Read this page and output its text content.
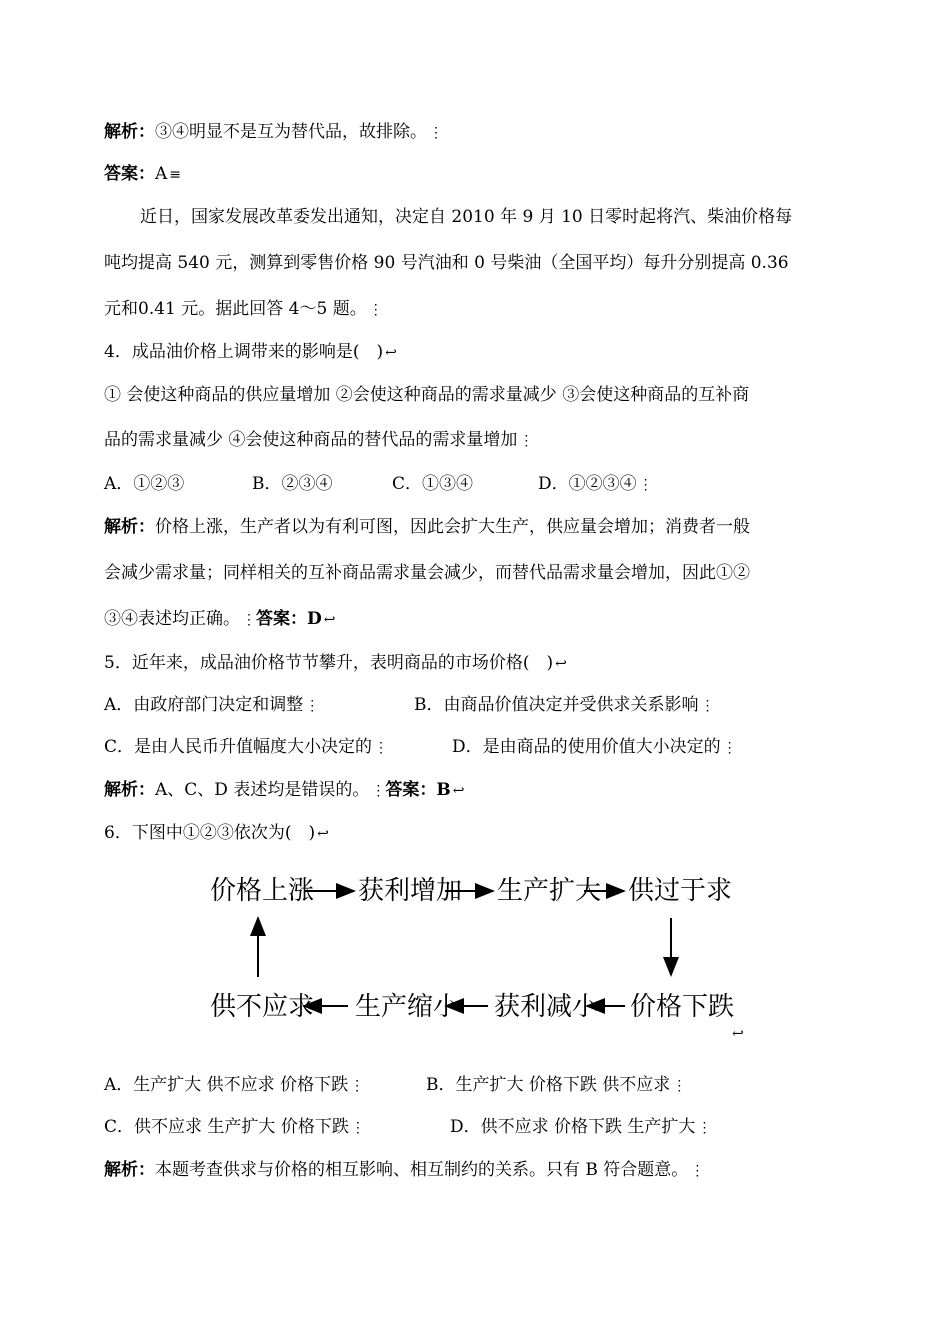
解析：③④明显不是互为替代品，故排除。 ⋮
答案：A ≡
近日，国家发展改革委发出通知，决定自 2010 年 9 月 10 日零时起将汽、柴油价格每
吨均提高 540 元，测算到零售价格 90 号汽油和 0 号柴油（全国平均）每升分别提高 0.36
元和0.41 元。据此回答 4～5 题。 ⋮
4．成品油价格上调带来的影响是(　) ↩
① 会使这种商品的供应量增加 ②会使这种商品的需求量减少 ③会使这种商品的互补商
品的需求量减少 ④会使这种商品的替代品的需求量增加 ⋮
A．①②③	B．②③④	C．①③④	D．①②③④ ⋮
解析：价格上涨，生产者以为有利可图，因此会扩大生产，供应量会增加；消费者一般
会减少需求量；同样相关的互补商品需求量会减少，而替代品需求量会增加，因此①②
③④表述均正确。 ⋮答案：D ↩
5．近年来，成品油价格节节攀升，表明商品的市场价格(　) ↩
A．由政府部门决定和调整 ⋮	B．由商品价值决定并受供求关系影响 ⋮
C．是由人民币升值幅度大小决定的 ⋮	D．是由商品的使用价值大小决定的 ⋮
解析：A、C、D 表述均是错误的。 ⋮答案：B ↩
6．下图中①②③依次为(　) ↩
价格上涨 获利增加 生产扩大 供过于求
供不应求 生产缩小 获利减小 价格下跌
↩
A．生产扩大 供不应求 价格下跌 ⋮	B．生产扩大 价格下跌 供不应求 ⋮
C．供不应求 生产扩大 价格下跌 ⋮	D．供不应求 价格下跌 生产扩大 ⋮
解析：本题考查供求与价格的相互影响、相互制约的关系。只有 B 符合题意。 ⋮
